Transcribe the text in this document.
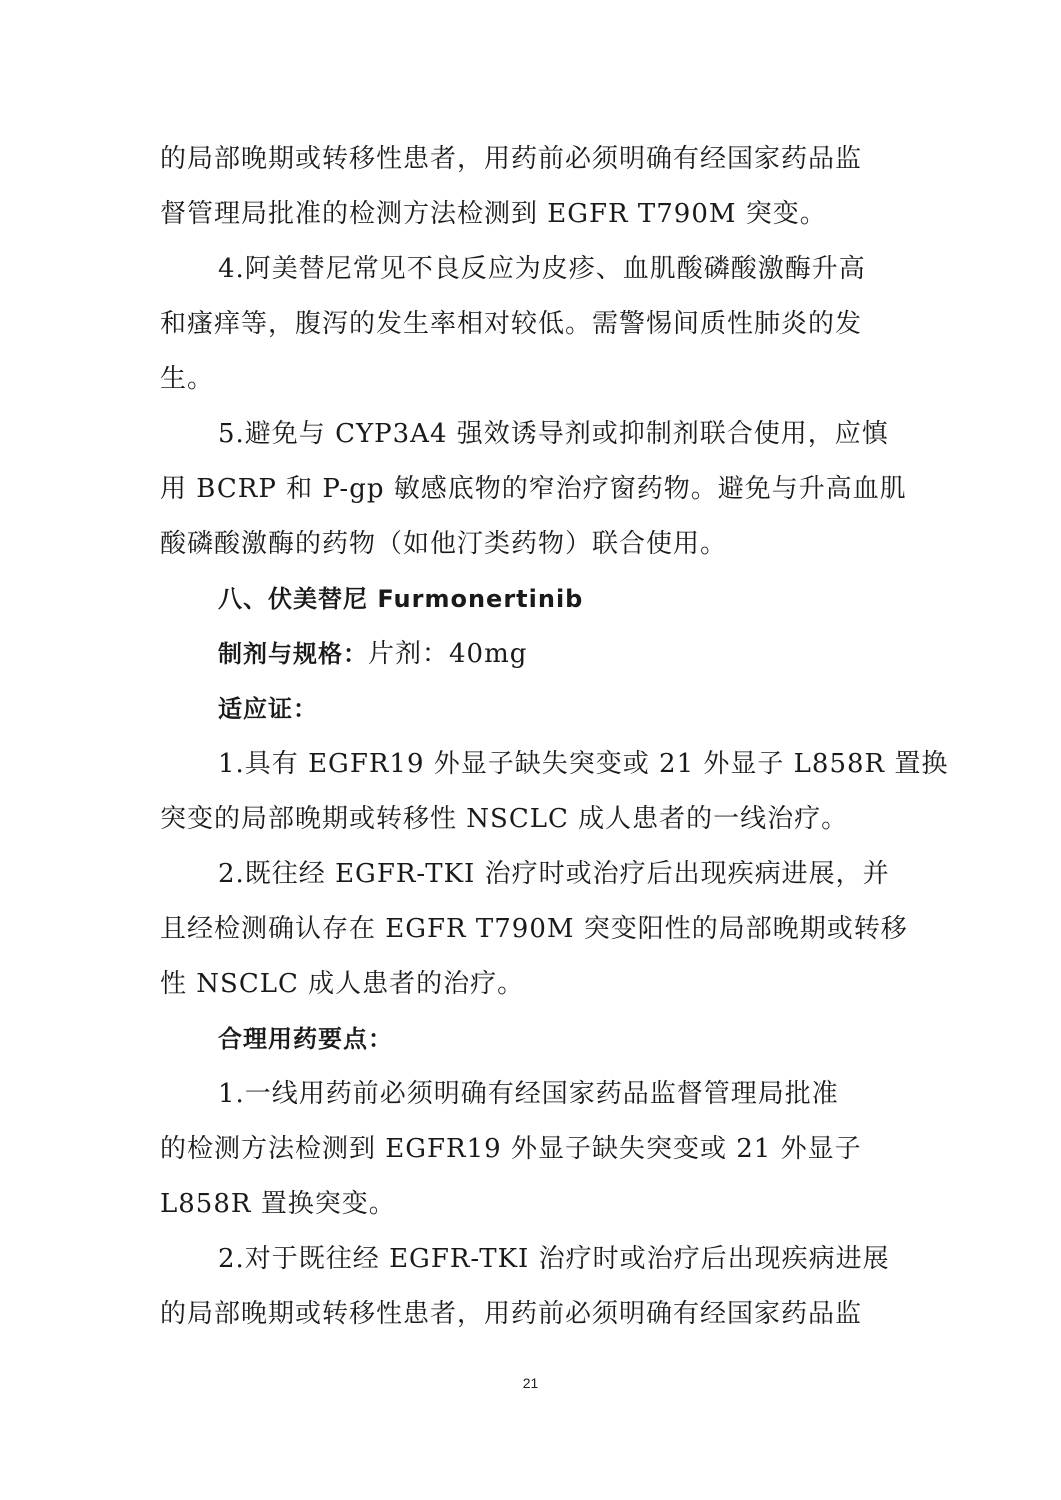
的局部晚期或转移性患者，用药前必须明确有经国家药品监
督管理局批准的检测方法检测到 EGFR T790M 突变。
4.阿美替尼常见不良反应为皮疹、血肌酸磷酸激酶升高
和瘙痒等，腹泻的发生率相对较低。需警惕间质性肺炎的发
生。
5.避免与 CYP3A4 强效诱导剂或抑制剂联合使用，应慎
用 BCRP 和 P-gp 敏感底物的窄治疗窗药物。避免与升高血肌
酸磷酸激酶的药物（如他汀类药物）联合使用。
八、伏美替尼 Furmonertinib
制剂与规格：片剂：40mg
适应证：
1.具有 EGFR19 外显子缺失突变或 21 外显子 L858R 置换
突变的局部晚期或转移性 NSCLC 成人患者的一线治疗。
2.既往经 EGFR-TKI 治疗时或治疗后出现疾病进展，并
且经检测确认存在 EGFR T790M 突变阳性的局部晚期或转移
性 NSCLC 成人患者的治疗。
合理用药要点：
1.一线用药前必须明确有经国家药品监督管理局批准
的检测方法检测到 EGFR19 外显子缺失突变或 21 外显子
L858R 置换突变。
2.对于既往经 EGFR-TKI 治疗时或治疗后出现疾病进展
的局部晚期或转移性患者，用药前必须明确有经国家药品监
21
